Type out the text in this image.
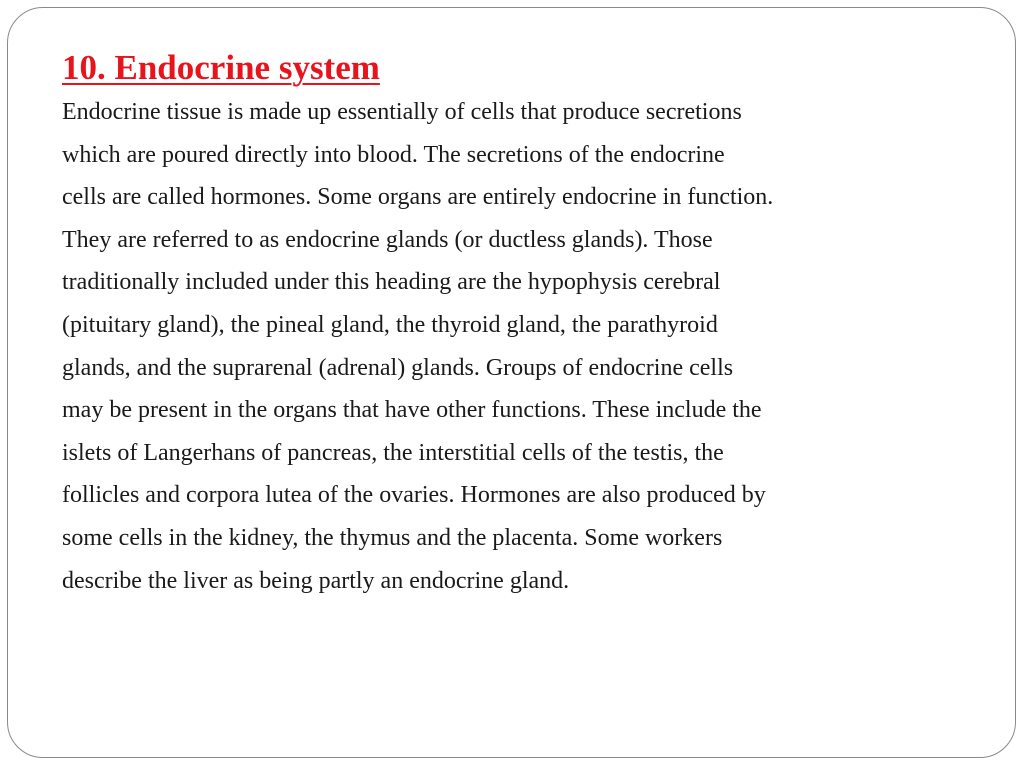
10. Endocrine system

Endocrine tissue is made up essentially of cells that produce secretions
which are poured directly into blood. The secretions of the endocrine
cells are called hormones. Some organs are entirely endocrine in function.
They are referred to as endocrine glands (or ductless glands). Those
traditionally included under this heading are the hypophysis cerebral
(pituitary gland), the pineal gland, the thyroid gland, the parathyroid
glands, and the suprarenal (adrenal) glands. Groups of endocrine cells
may be present in the organs that have other functions. These include the
islets of Langerhans of pancreas, the interstitial cells of the testis, the
follicles and corpora lutea of the ovaries. Hormones are also produced by
some cells in the kidney, the thymus and the placenta. Some workers
describe the liver as being partly an endocrine gland.
